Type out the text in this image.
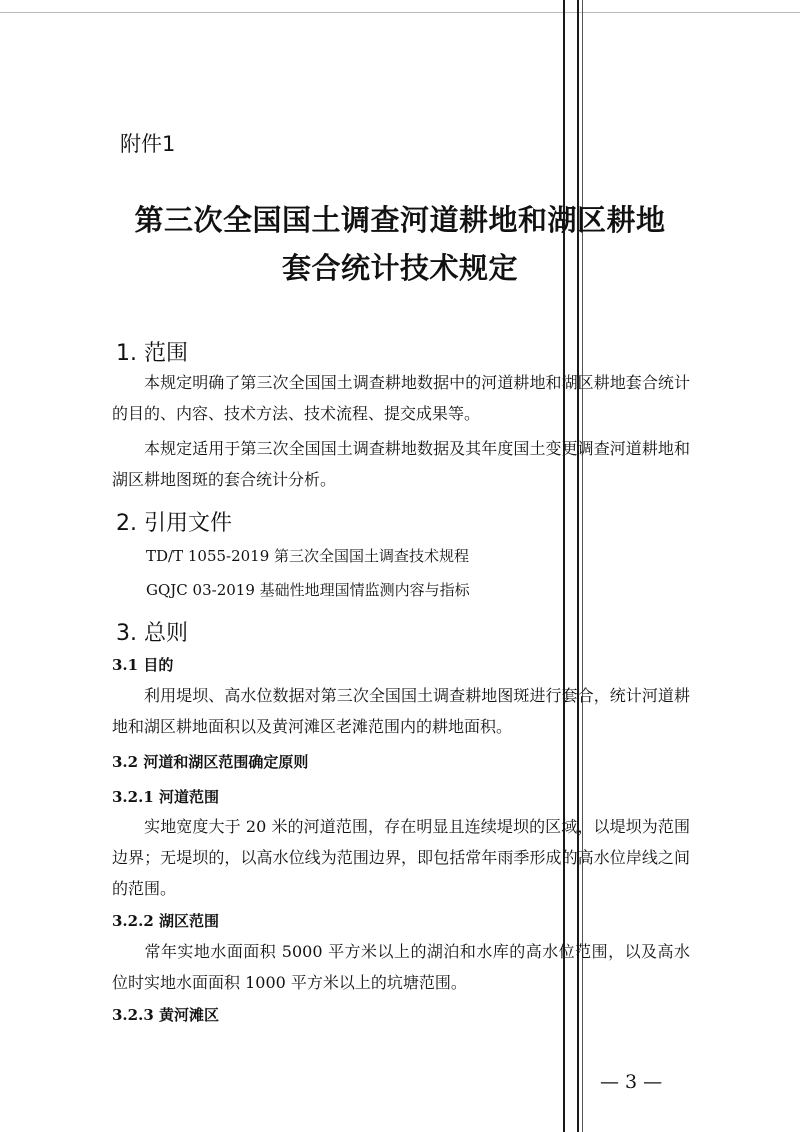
附件1
第三次全国国土调查河道耕地和湖区耕地
套合统计技术规定
1. 范围
本规定明确了第三次全国国土调查耕地数据中的河道耕地和湖区耕地套合统计的目的、内容、技术方法、技术流程、提交成果等。
本规定适用于第三次全国国土调查耕地数据及其年度国土变更调查河道耕地和湖区耕地图斑的套合统计分析。
2. 引用文件
TD/T 1055-2019 第三次全国国土调查技术规程
GQJC 03-2019 基础性地理国情监测内容与指标
3. 总则
3.1 目的
利用堤坝、高水位数据对第三次全国国土调查耕地图斑进行套合，统计河道耕地和湖区耕地面积以及黄河滩区老滩范围内的耕地面积。
3.2 河道和湖区范围确定原则
3.2.1 河道范围
实地宽度大于 20 米的河道范围，存在明显且连续堤坝的区域，以堤坝为范围边界；无堤坝的，以高水位线为范围边界，即包括常年雨季形成的高水位岸线之间的范围。
3.2.2 湖区范围
常年实地水面面积 5000 平方米以上的湖泊和水库的高水位范围，以及高水位时实地水面面积 1000 平方米以上的坑塘范围。
3.2.3 黄河滩区
— 3 —
